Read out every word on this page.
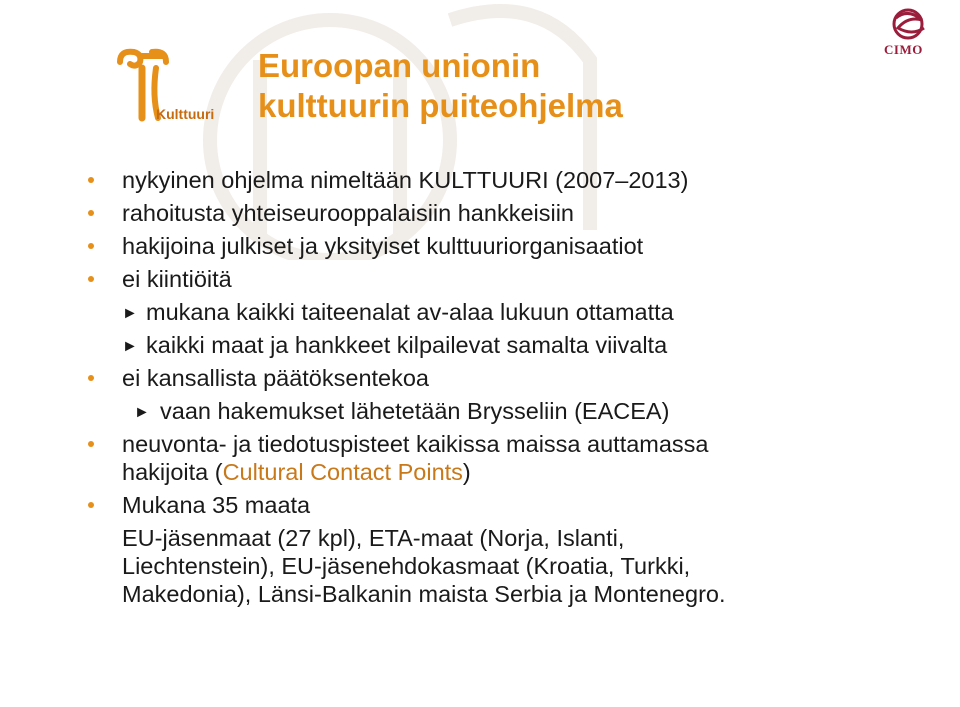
Kulttuuri
CIMO
Euroopan unionin
kulttuurin puiteohjelma
nykyinen ohjelma nimeltään KULTTUURI (2007–2013)
rahoitusta yhteiseurooppalaisiin hankkeisiin
hakijoina julkiset ja yksityiset kulttuuriorganisaatiot
ei kiintiöitä
► mukana kaikki taiteenalat av-alaa lukuun ottamatta
► kaikki maat ja hankkeet kilpailevat samalta viivalta
ei kansallista päätöksentekoa
► vaan hakemukset lähetetään Brysseliin (EACEA)
neuvonta- ja tiedotuspisteet kaikissa maissa auttamassa
hakijoita (Cultural Contact Points)
Mukana 35 maata
EU-jäsenmaat (27 kpl), ETA-maat (Norja, Islanti,
Liechtenstein), EU-jäsenehdokasmaat (Kroatia, Turkki,
Makedonia), Länsi-Balkanin maista Serbia ja Montenegro.
